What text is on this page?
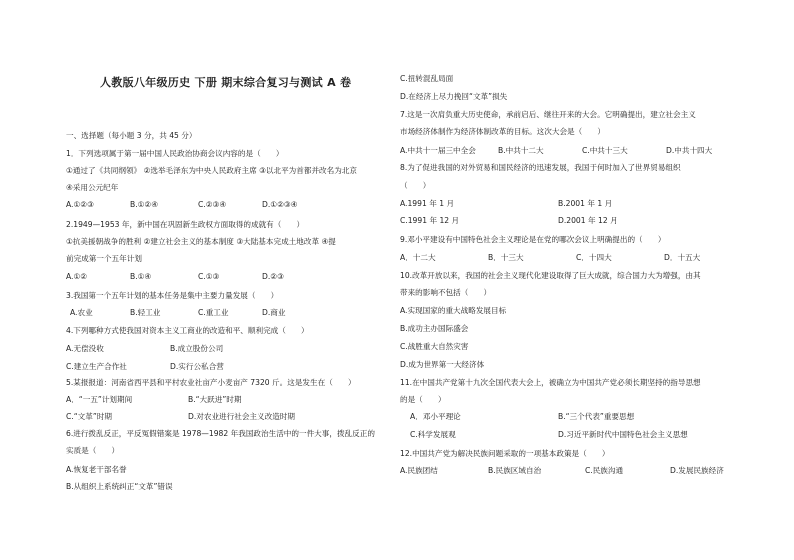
人教版八年级历史 下册 期末综合复习与测试 A 卷
一、选择题（每小题 3 分，共 45 分）
1．下列选项属于第一届中国人民政治协商会议内容的是（　　）
①通过了《共同纲领》 ②选举毛泽东为中央人民政府主席 ③以北平为首都并改名为北京
④采用公元纪年
A.①②③	B.①②④	C.②③④	D.①②③④
2.1949—1953 年，新中国在巩固新生政权方面取得的成就有（　　）
①抗美援朝战争的胜利 ②建立社会主义的基本制度 ③大陆基本完成土地改革 ④提
前完成第一个五年计划
A.①②	B.①④	C.①③	D.②③
3.我国第一个五年计划的基本任务是集中主要力量发展（　　）
A.农业	B.轻工业	C.重工业	D.商业
4.下列哪种方式使我国对资本主义工商业的改造和平、顺利完成（　　）
A.无偿没收	B.成立股份公司
C.建立生产合作社	D.实行公私合营
5.某报报道：河南省西平县和平村农业社亩产小麦亩产 7320 斤。这是发生在（　　）
A．“一五”计划期间	B.“大跃进”时期
C.“文革”时期	D.对农业进行社会主义改造时期
6.进行拨乱反正，平反冤假错案是 1978—1982 年我国政治生活中的一件大事，拨乱反正的
实质是（　　）
A.恢复老干部名誉
B.从组织上系统纠正“文革”错误
C.扭转混乱局面
D.在经济上尽力挽回“文革”损失
7.这是一次肩负重大历史使命，承前启后、继往开来的大会。它明确提出，建立社会主义
市场经济体制作为经济体制改革的目标。这次大会是（　　）
A.中共十一届三中全会	B.中共十二大	C.中共十三大	D.中共十四大
8.为了促进我国的对外贸易和国民经济的迅速发展，我国于何时加入了世界贸易组织
（　　）
A.1991 年 1 月	B.2001 年 1 月
C.1991 年 12 月	D.2001 年 12 月
9.邓小平建设有中国特色社会主义理论是在党的哪次会议上明确提出的（　　）
A．十二大	B．十三大	C．十四大	D．十五大
10.改革开放以来，我国的社会主义现代化建设取得了巨大成就，综合国力大为增强，由其
带来的影响不包括（　　）
A.实现国家的重大战略发展目标
B.成功主办国际盛会
C.战胜重大自然灾害
D.成为世界第一大经济体
11.在中国共产党第十九次全国代表大会上，被确立为中国共产党必须长期坚持的指导思想
的是（　　）
A．邓小平理论	B.“三个代表”重要思想
C.科学发展观	D.习近平新时代中国特色社会主义思想
12.中国共产党为解决民族问题采取的一项基本政策是（　　）
A.民族团结	B.民族区域自治	C.民族沟通	D.发展民族经济
